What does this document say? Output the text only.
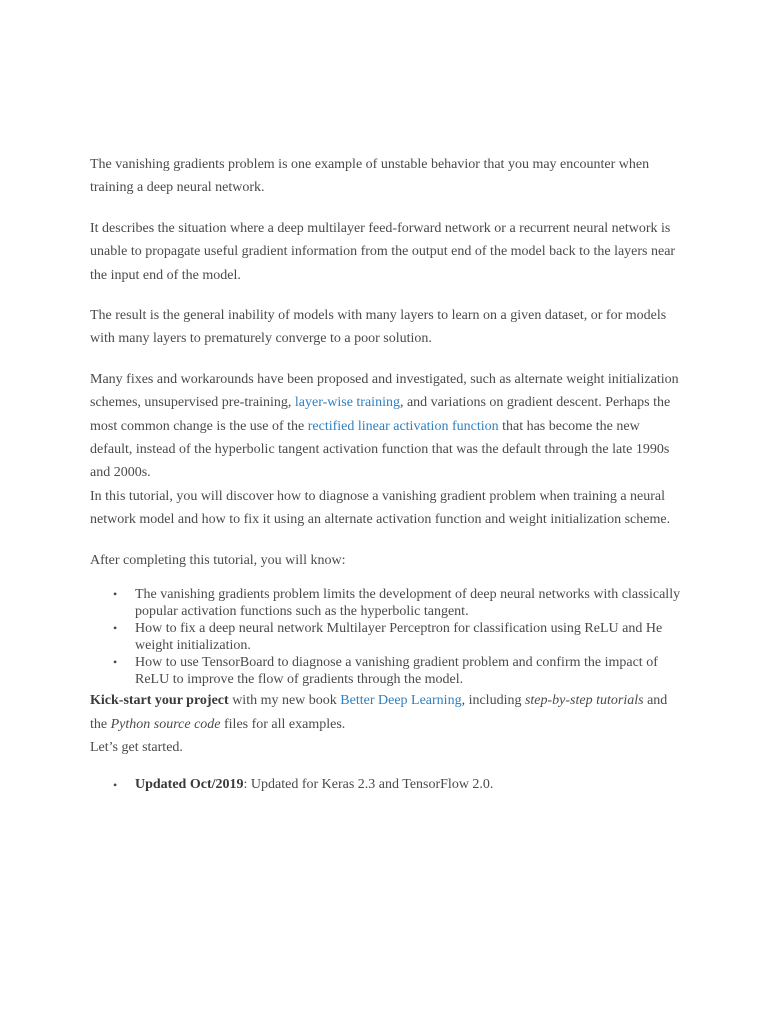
The vanishing gradients problem is one example of unstable behavior that you may encounter when training a deep neural network.

It describes the situation where a deep multilayer feed-forward network or a recurrent neural network is unable to propagate useful gradient information from the output end of the model back to the layers near the input end of the model.

The result is the general inability of models with many layers to learn on a given dataset, or for models with many layers to prematurely converge to a poor solution.

Many fixes and workarounds have been proposed and investigated, such as alternate weight initialization schemes, unsupervised pre-training, layer-wise training, and variations on gradient descent. Perhaps the most common change is the use of the rectified linear activation function that has become the new default, instead of the hyperbolic tangent activation function that was the default through the late 1990s and 2000s.

In this tutorial, you will discover how to diagnose a vanishing gradient problem when training a neural network model and how to fix it using an alternate activation function and weight initialization scheme.

After completing this tutorial, you will know:

• The vanishing gradients problem limits the development of deep neural networks with classically popular activation functions such as the hyperbolic tangent.
• How to fix a deep neural network Multilayer Perceptron for classification using ReLU and He weight initialization.
• How to use TensorBoard to diagnose a vanishing gradient problem and confirm the impact of ReLU to improve the flow of gradients through the model.

Kick-start your project with my new book Better Deep Learning, including step-by-step tutorials and the Python source code files for all examples.

Let’s get started.

• Updated Oct/2019: Updated for Keras 2.3 and TensorFlow 2.0.
